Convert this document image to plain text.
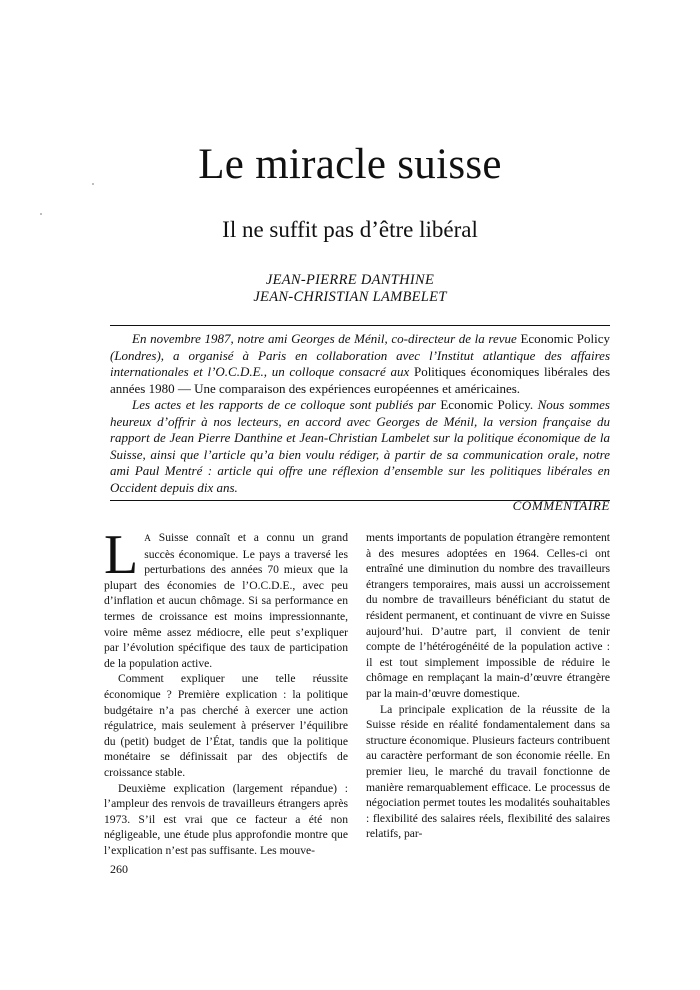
Le miracle suisse
Il ne suffit pas d’être libéral
JEAN-PIERRE DANTHINE
JEAN-CHRISTIAN LAMBELET

En novembre 1987, notre ami Georges de Ménil, co-directeur de la revue Economic Policy (Londres), a organisé à Paris en collaboration avec l’Institut atlantique des affaires internationales et l’O.C.D.E., un colloque consacré aux Politiques économiques libérales des années 1980 — Une comparaison des expériences européennes et américaines.

Les actes et les rapports de ce colloque sont publiés par Economic Policy. Nous sommes heureux d’offrir à nos lecteurs, en accord avec Georges de Ménil, la version française du rapport de Jean Pierre Danthine et Jean-Christian Lambelet sur la politique économique de la Suisse, ainsi que l’article qu’a bien voulu rédiger, à partir de sa communication orale, notre ami Paul Mentré : article qui offre une réflexion d’ensemble sur les politiques libérales en Occident depuis dix ans.

COMMENTAIRE

L A Suisse connaît et a connu un grand succès économique. Le pays a traversé les perturbations des années 70 mieux que la plupart des économies de l’O.C.D.E., avec peu d’inflation et aucun chômage. Si sa performance en termes de croissance est moins impressionnante, voire même assez médiocre, elle peut s’expliquer par l’évolution spécifique des taux de participation de la population active.

Comment expliquer une telle réussite économique ? Première explication : la politique budgétaire n’a pas cherché à exercer une action régulatrice, mais seulement à préserver l’équilibre du (petit) budget de l’État, tandis que la politique monétaire se définissait par des objectifs de croissance stable.

Deuxième explication (largement répandue) : l’ampleur des renvois de travailleurs étrangers après 1973. S’il est vrai que ce facteur a été non négligeable, une étude plus approfondie montre que l’explication n’est pas suffisante. Les mouve-

ments importants de population étrangère remontent à des mesures adoptées en 1964. Celles-ci ont entraîné une diminution du nombre des travailleurs étrangers temporaires, mais aussi un accroissement du nombre de travailleurs bénéficiant du statut de résident permanent, et continuant de vivre en Suisse aujourd’hui. D’autre part, il convient de tenir compte de l’hétérogénéité de la population active : il est tout simplement impossible de réduire le chômage en remplaçant la main-d’œuvre étrangère par la main-d’œuvre domestique.

La principale explication de la réussite de la Suisse réside en réalité fondamentalement dans sa structure économique. Plusieurs facteurs contribuent au caractère performant de son économie réelle. En premier lieu, le marché du travail fonctionne de manière remarquablement efficace. Le processus de négociation permet toutes les modalités souhaitables : flexibilité des salaires réels, flexibilité des salaires relatifs, par-

260
